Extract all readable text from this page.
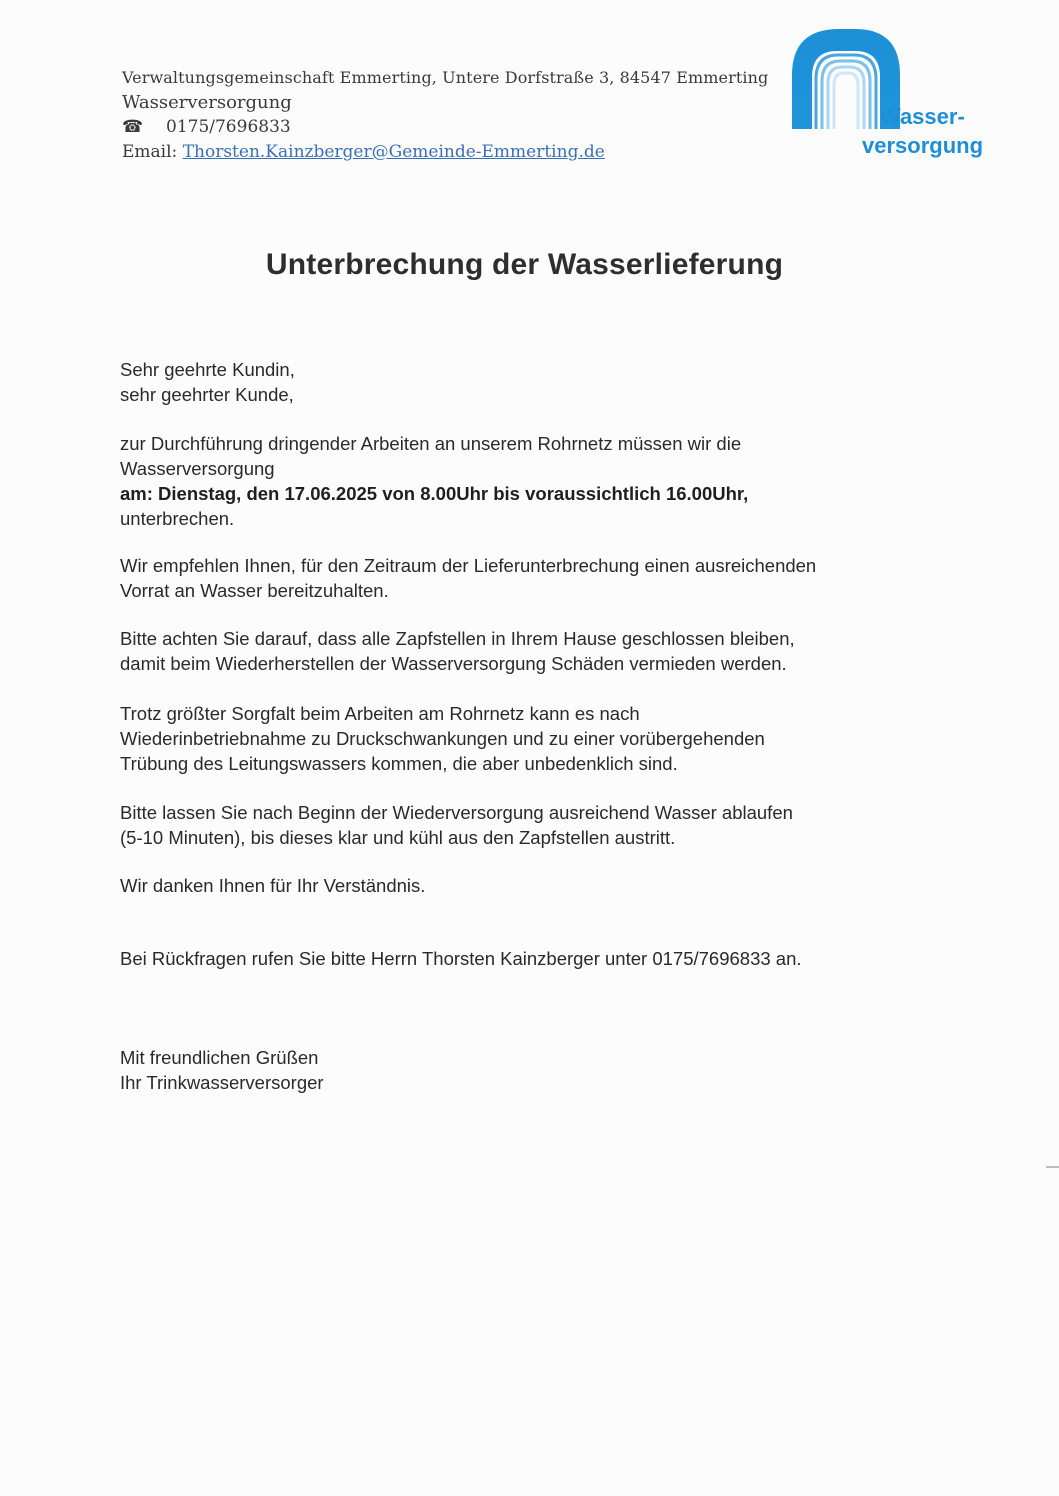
Verwaltungsgemeinschaft Emmerting, Untere Dorfstraße 3, 84547 Emmerting
Wasserversorgung
☎ 0175/7696833
Email: Thorsten.Kainzberger@Gemeinde-Emmerting.de
Wasser-
versorgung
Unterbrechung der Wasserlieferung
Sehr geehrte Kundin,
sehr geehrter Kunde,
zur Durchführung dringender Arbeiten an unserem Rohrnetz müssen wir die
Wasserversorgung
am: Dienstag, den 17.06.2025 von 8.00Uhr bis voraussichtlich 16.00Uhr,
unterbrechen.
Wir empfehlen Ihnen, für den Zeitraum der Lieferunterbrechung einen ausreichenden
Vorrat an Wasser bereitzuhalten.
Bitte achten Sie darauf, dass alle Zapfstellen in Ihrem Hause geschlossen bleiben,
damit beim Wiederherstellen der Wasserversorgung Schäden vermieden werden.
Trotz größter Sorgfalt beim Arbeiten am Rohrnetz kann es nach
Wiederinbetriebnahme zu Druckschwankungen und zu einer vorübergehenden
Trübung des Leitungswassers kommen, die aber unbedenklich sind.
Bitte lassen Sie nach Beginn der Wiederversorgung ausreichend Wasser ablaufen
(5-10 Minuten), bis dieses klar und kühl aus den Zapfstellen austritt.
Wir danken Ihnen für Ihr Verständnis.
Bei Rückfragen rufen Sie bitte Herrn Thorsten Kainzberger unter 0175/7696833 an.
Mit freundlichen Grüßen
Ihr Trinkwasserversorger
